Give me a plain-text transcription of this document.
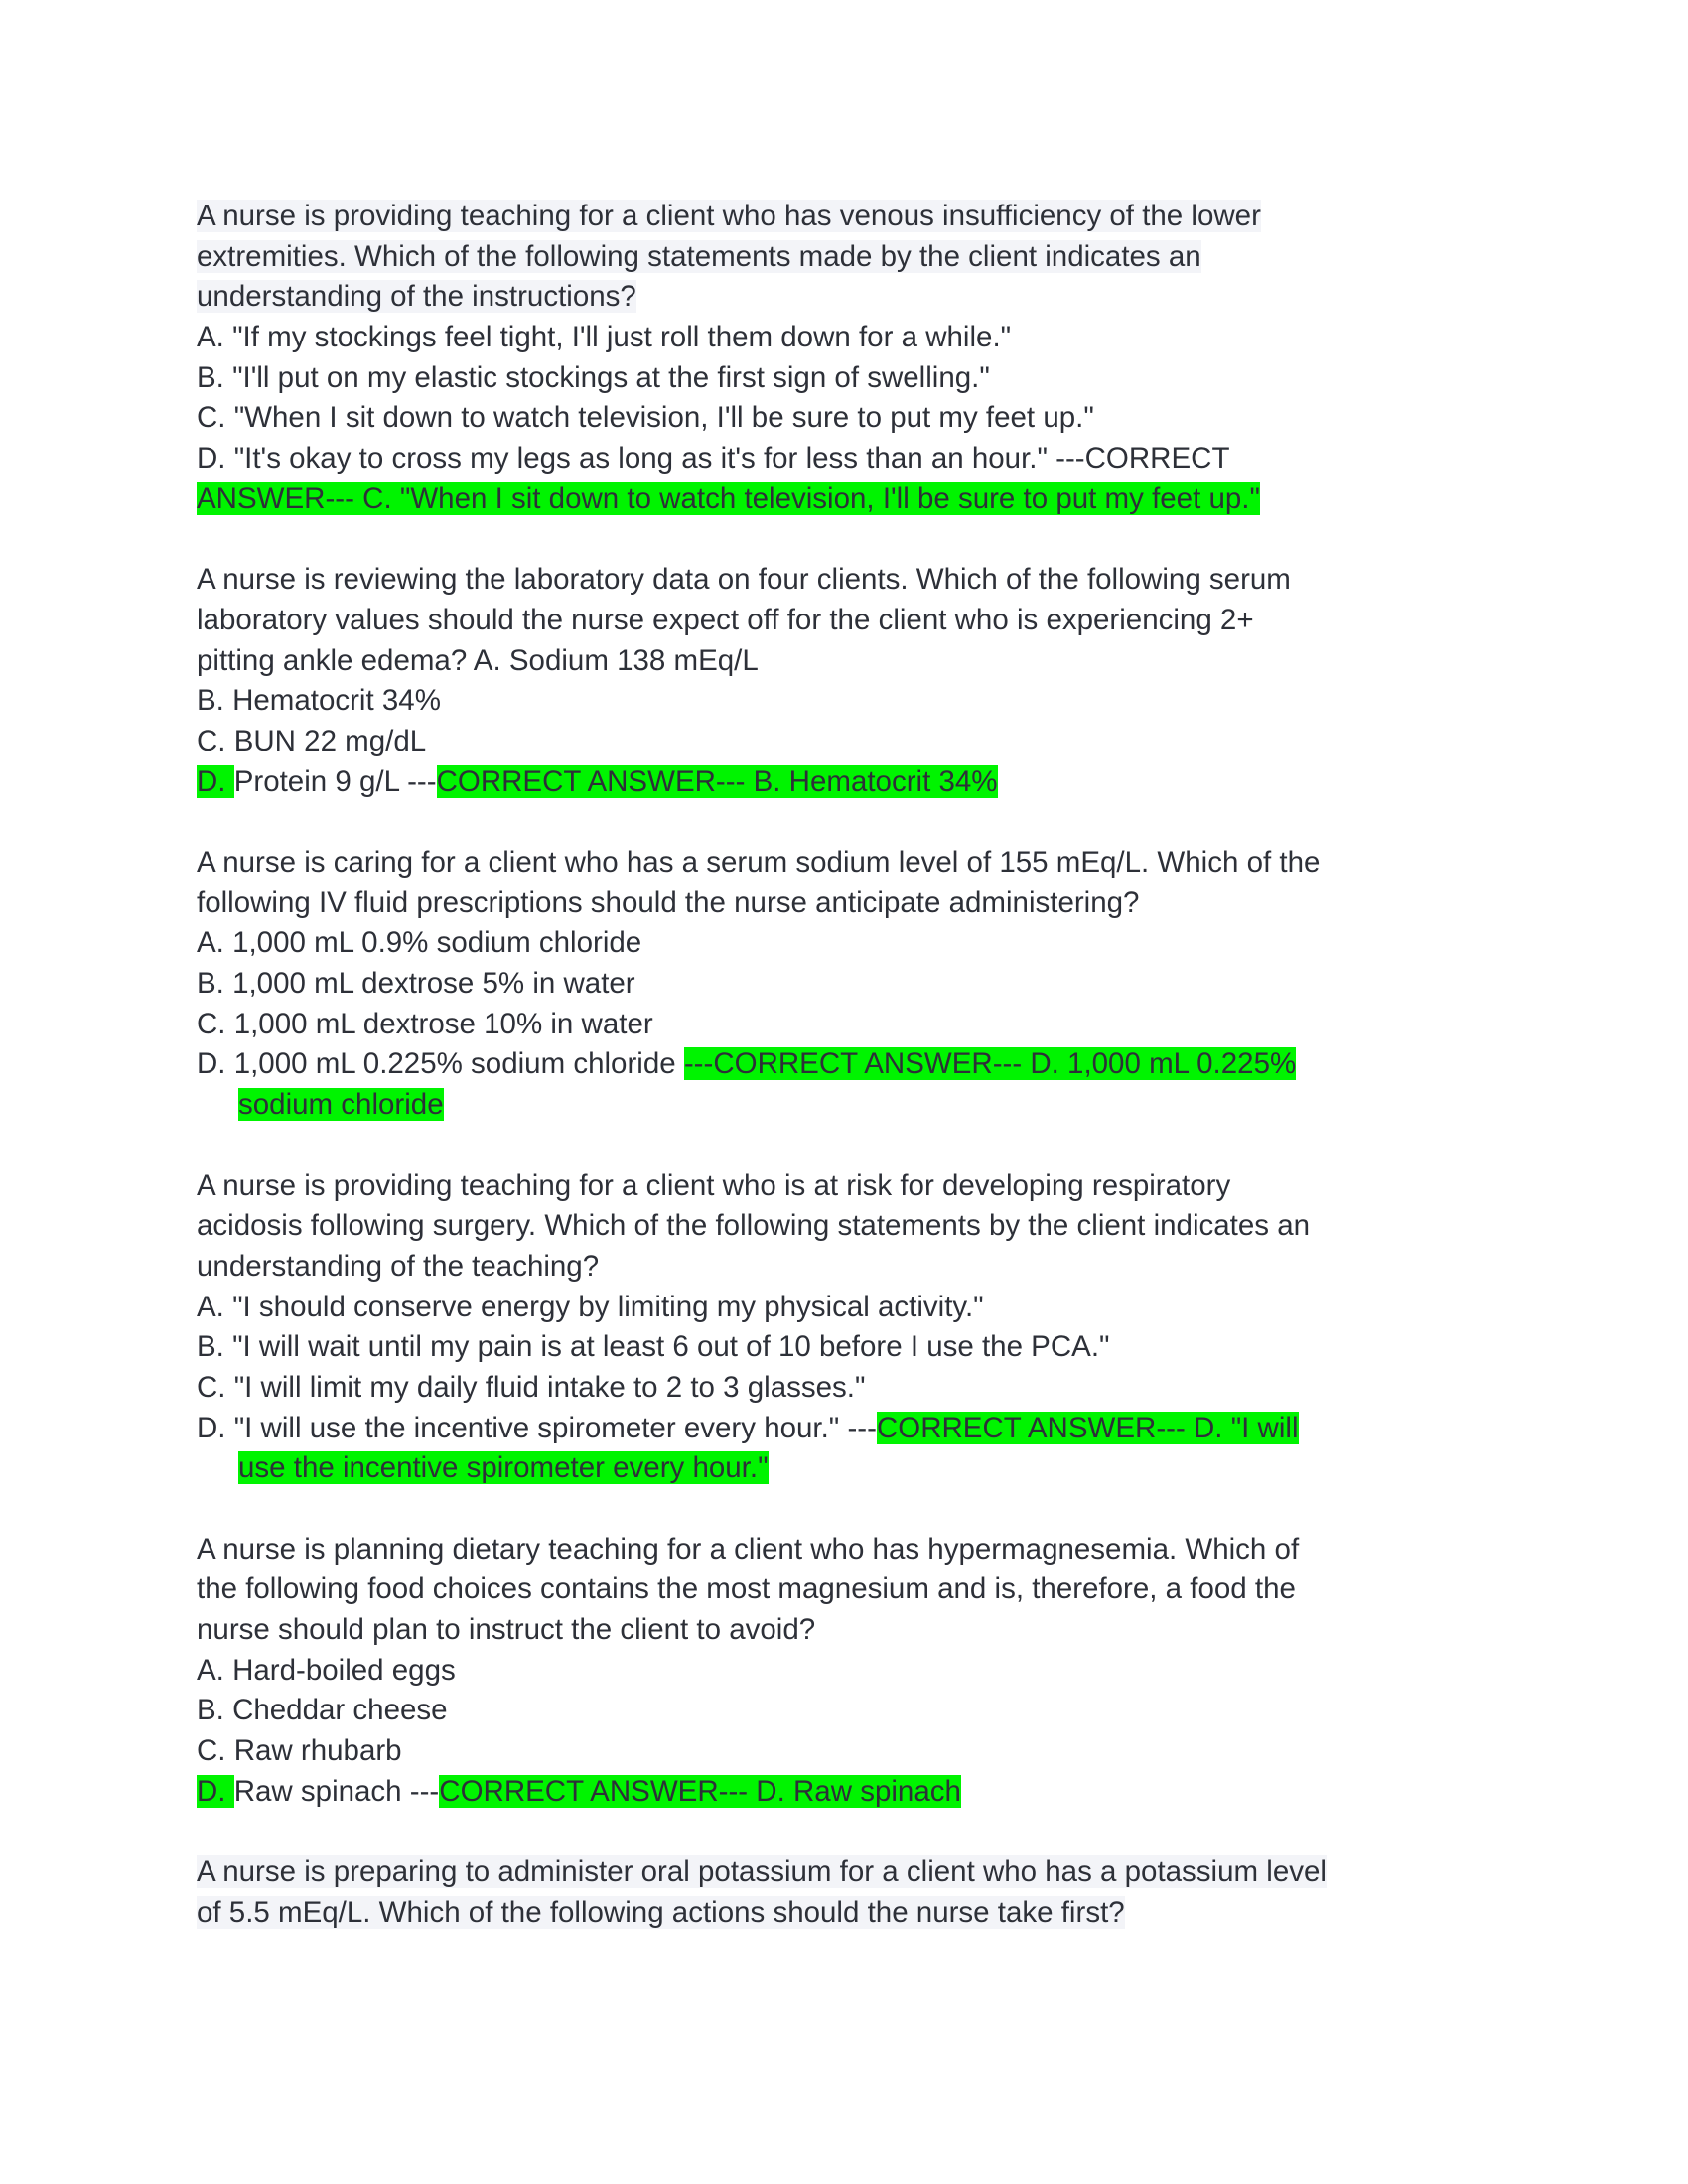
A nurse is providing teaching for a client who has venous insufficiency of the lower
extremities. Which of the following statements made by the client indicates an
understanding of the instructions?
A. "If my stockings feel tight, I'll just roll them down for a while."
B. "I'll put on my elastic stockings at the first sign of swelling."
C. "When I sit down to watch television, I'll be sure to put my feet up."
D. "It's okay to cross my legs as long as it's for less than an hour." ---CORRECT
ANSWER--- C. "When I sit down to watch television, I'll be sure to put my feet up."
A nurse is reviewing the laboratory data on four clients. Which of the following serum
laboratory values should the nurse expect off for the client who is experiencing 2+
pitting ankle edema? A. Sodium 138 mEq/L
B. Hematocrit 34%
C. BUN 22 mg/dL
D. Protein 9 g/L ---CORRECT ANSWER--- B. Hematocrit 34%
A nurse is caring for a client who has a serum sodium level of 155 mEq/L. Which of the
following IV fluid prescriptions should the nurse anticipate administering?
A. 1,000 mL 0.9% sodium chloride
B. 1,000 mL dextrose 5% in water
C. 1,000 mL dextrose 10% in water
D. 1,000 mL 0.225% sodium chloride ---CORRECT ANSWER--- D. 1,000 mL 0.225%
sodium chloride
A nurse is providing teaching for a client who is at risk for developing respiratory
acidosis following surgery. Which of the following statements by the client indicates an
understanding of the teaching?
A. "I should conserve energy by limiting my physical activity."
B. "I will wait until my pain is at least 6 out of 10 before I use the PCA."
C. "I will limit my daily fluid intake to 2 to 3 glasses."
D. "I will use the incentive spirometer every hour." ---CORRECT ANSWER--- D. "I will
use the incentive spirometer every hour."
A nurse is planning dietary teaching for a client who has hypermagnesemia. Which of
the following food choices contains the most magnesium and is, therefore, a food the
nurse should plan to instruct the client to avoid?
A. Hard-boiled eggs
B. Cheddar cheese
C. Raw rhubarb
D. Raw spinach ---CORRECT ANSWER--- D. Raw spinach
A nurse is preparing to administer oral potassium for a client who has a potassium level
of 5.5 mEq/L. Which of the following actions should the nurse take first?
